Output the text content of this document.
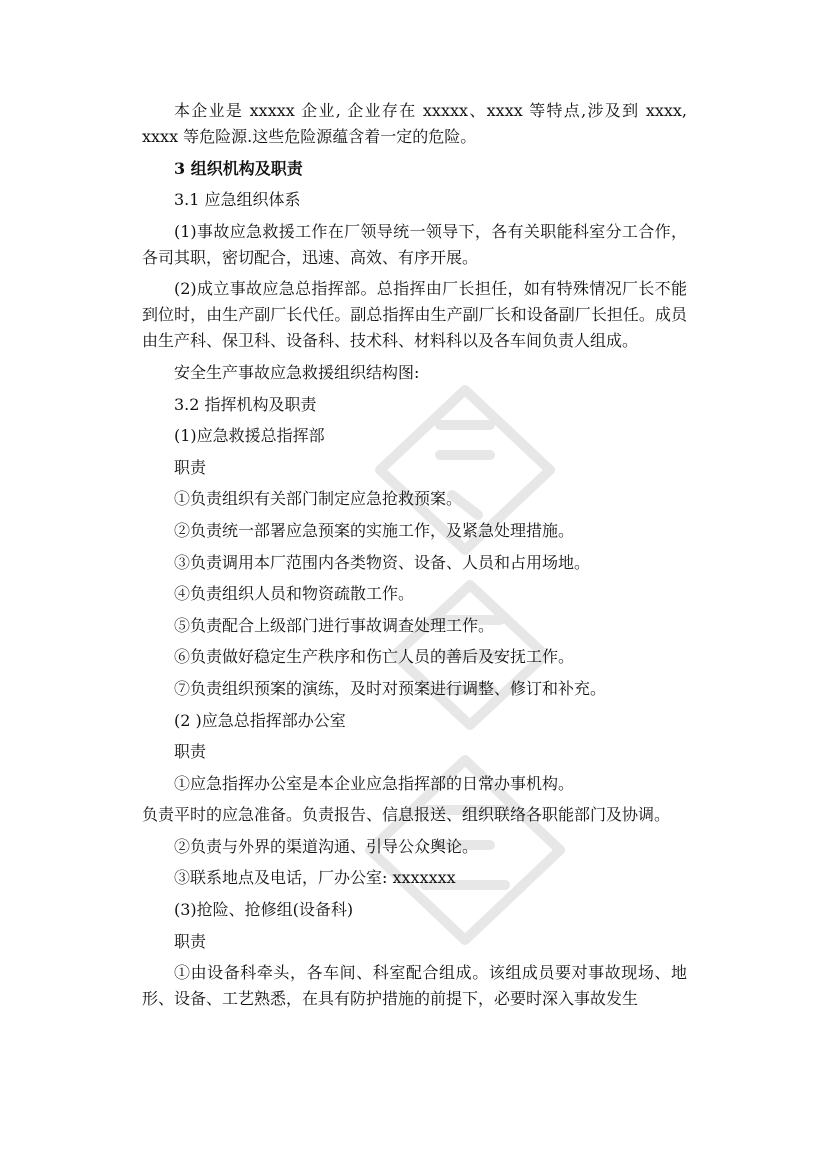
本企业是 xxxxx 企业, 企业存在 xxxxx、xxxx 等特点,涉及到 xxxx, xxxx 等危险源.这些危险源蕴含着一定的危险。

3 组织机构及职责

3.1 应急组织体系

(1)事故应急救援工作在厂领导统一领导下，各有关职能科室分工合作，各司其职，密切配合，迅速、高效、有序开展。

(2)成立事故应急总指挥部。总指挥由厂长担任，如有特殊情况厂长不能到位时，由生产副厂长代任。副总指挥由生产副厂长和设备副厂长担任。成员由生产科、保卫科、设备科、技术科、材料科以及各车间负责人组成。

安全生产事故应急救援组织结构图:

3.2 指挥机构及职责

(1)应急救援总指挥部

职责

①负责组织有关部门制定应急抢救预案。

②负责统一部署应急预案的实施工作，及紧急处理措施。

③负责调用本厂范围内各类物资、设备、人员和占用场地。

④负责组织人员和物资疏散工作。

⑤负责配合上级部门进行事故调查处理工作。

⑥负责做好稳定生产秩序和伤亡人员的善后及安抚工作。

⑦负责组织预案的演练，及时对预案进行调整、修订和补充。

(2 )应急总指挥部办公室

职责

①应急指挥办公室是本企业应急指挥部的日常办事机构。

负责平时的应急准备。负责报告、信息报送、组织联络各职能部门及协调。

②负责与外界的渠道沟通、引导公众舆论。

③联系地点及电话，厂办公室: xxxxxxx

(3)抢险、抢修组(设备科)

职责

①由设备科牵头，各车间、科室配合组成。该组成员要对事故现场、地形、设备、工艺熟悉，在具有防护措施的前提下，必要时深入事故发生
